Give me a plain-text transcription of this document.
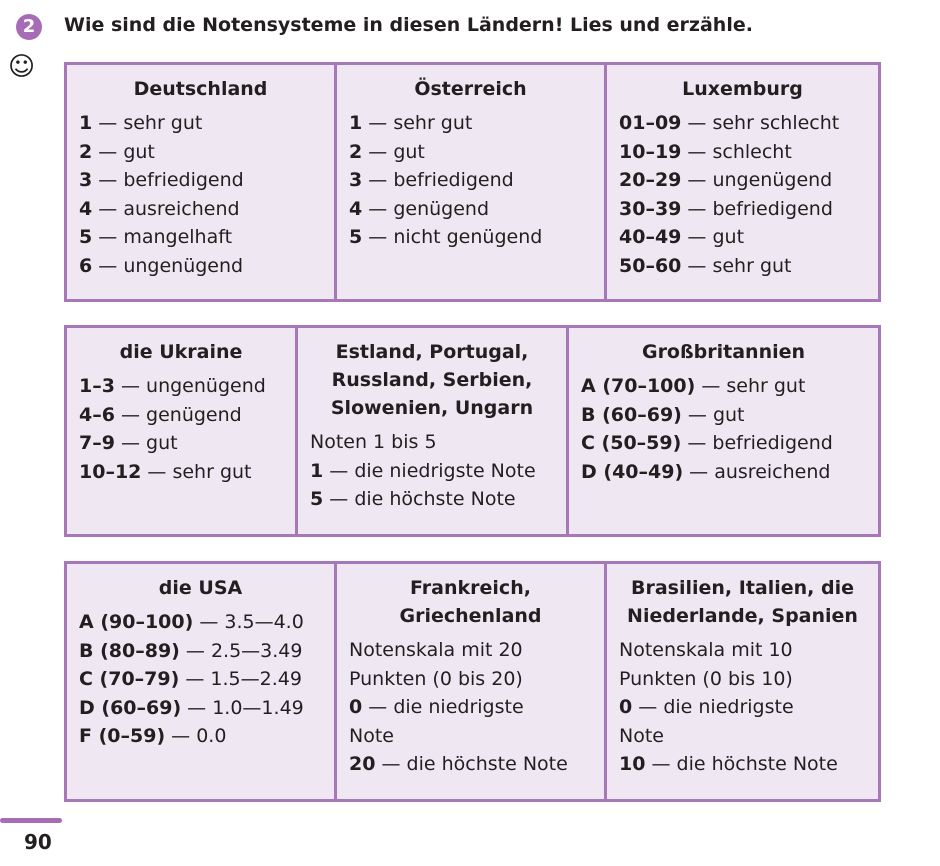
2	Wie sind die Notensysteme in diesen Ländern! Lies und erzähle.
☺
Deutschland
1 — sehr gut
2 — gut
3 — befriedigend
4 — ausreichend
5 — mangelhaft
6 — ungenügend
Österreich
1 — sehr gut
2 — gut
3 — befriedigend
4 — genügend
5 — nicht genügend
Luxemburg
01–09 — sehr schlecht
10–19 — schlecht
20–29 — ungenügend
30–39 — befriedigend
40–49 — gut
50–60 — sehr gut
die Ukraine
1–3 — ungenügend
4–6 — genügend
7–9 — gut
10–12 — sehr gut
Estland, Portugal,
Russland, Serbien,
Slowenien, Ungarn
Noten 1 bis 5
1 — die niedrigste Note
5 — die höchste Note
Großbritannien
A (70–100) — sehr gut
B (60–69) — gut
C (50–59) — befriedigend
D (40–49) — ausreichend
die USA
A (90–100) — 3.5—4.0
B (80–89) — 2.5—3.49
C (70–79) — 1.5—2.49
D (60–69) — 1.0—1.49
F (0–59) — 0.0
Frankreich,
Griechenland
Notenskala mit 20
Punkten (0 bis 20)
0 — die niedrigste
Note
20 — die höchste Note
Brasilien, Italien, die
Niederlande, Spanien
Notenskala mit 10
Punkten (0 bis 10)
0 — die niedrigste
Note
10 — die höchste Note
90
